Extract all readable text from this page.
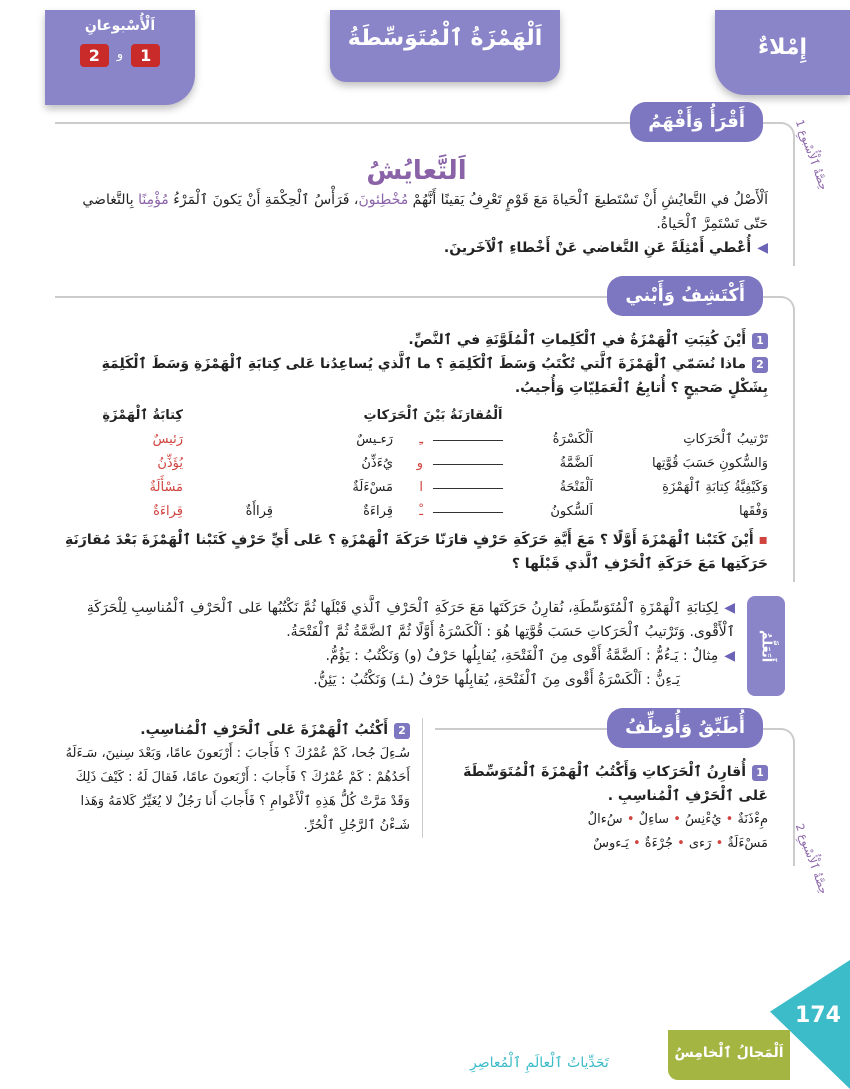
إِمْلاءٌ
اَلْهَمْزَةُ ٱلْمُتَوَسِّطَةُ
اَلْأُسْبوعانِ
1
و
2
حِصَّةُ ٱلْأُسْبوعِ 1
حِصَّةُ ٱلْأُسْبوعِ 2
أَقْرَأُ وَأَفْهَمُ
اَلتَّعايُشُ

اَلْأَصْلُ في التَّعايُشِ أَنْ تَسْتَطيعَ ٱلْحَياةَ مَعَ قَوْمٍ تَعْرِفُ يَقينًا أَنَّهُمْ مُخْطِئونَ، فَرَأْسُ ٱلْحِكْمَةِ أَنْ يَكونَ ٱلْمَرْءُ مُؤْمِنًا بِالتَّغاضي حَتّى تَسْتَمِرَّ ٱلْحَياةُ.

◀أُعْطي أَمْثِلَةً عَنِ التَّغاضي عَنْ أَخْطاءِ ٱلْآخَرينَ.
أَكْتَشِفُ وَأَبْني
1أَيْنَ كُتِبَتِ ٱلْهَمْزَةُ في ٱلْكَلِماتِ ٱلْمُلَوَّنَةِ في ٱلنَّصِّ.
2ماذا نُسَمّي ٱلْهَمْزَةَ ٱلَّتي تُكْتَبُ وَسَطَ ٱلْكَلِمَةِ ؟ ما ٱلَّذي يُساعِدُنا عَلى كِتابَةِ ٱلْهَمْزَةِ وَسَطَ ٱلْكَلِمَةِ بِشَكْلٍ صَحيحٍ ؟ أُتابِعُ ٱلْعَمَلِيّاتِ وَأُجيبُ.
اَلْمُقارَنَةُ بَيْنَ ٱلْحَرَكاتِ
كِتابَةُ ٱلْهَمْزَةِ
تَرْتيبُ ٱلْحَرَكاتِ
اَلْكَسْرَةُ
ـِ
رَءـيسٌ
رَئيسٌ
وَالسُّكونِ حَسَبَ قُوَّتِها
اَلضَّمَّةُ
و
يُءَذِّنُ
يُؤَذِّنُ
وَكَيْفِيَّةُ كِتابَةِ ٱلْهَمْزَةِ
اَلْفَتْحَةُ
ا
مَسْءَلَةٌ
مَسْأَلَةٌ
وَفْقَها
اَلسُّكونُ
ـْ
قِراءَةٌ
قِراأَةٌ
قِراءَةٌ
▪ أَيْنَ كَتَبْنا ٱلْهَمْزَةَ أَوَّلًا ؟ مَعَ أَيَّةِ حَرَكَةِ حَرْفٍ قارَنّا حَرَكَةَ ٱلْهَمْزَةِ ؟ عَلى أَيِّ حَرْفٍ كَتَبْنا ٱلْهَمْزَةَ بَعْدَ مُقارَنَةِ حَرَكَتِها مَعَ حَرَكَةِ ٱلْحَرْفِ ٱلَّذي قَبْلَها ؟
أَتَعَلَّمُ
◀لِكِتابَةِ ٱلْهَمْزَةِ ٱلْمُتَوَسِّطَةِ، نُقارِنُ حَرَكَتَها مَعَ حَرَكَةِ ٱلْحَرْفِ ٱلَّذي قَبْلَها ثُمَّ نَكْتُبُها عَلى ٱلْحَرْفِ ٱلْمُناسِبِ لِلْحَرَكَةِ ٱلْأَقْوى. وَتَرْتيبُ ٱلْحَرَكاتِ حَسَبَ قُوَّتِها هُوَ : اَلْكَسْرَةُ أَوَّلًا ثُمَّ ٱلضَّمَّةُ ثُمَّ ٱلْفَتْحَةُ.
◀مِثالٌ : يَـءُمُّ : اَلضَّمَّةُ أَقْوى مِنَ ٱلْفَتْحَةِ، يُقابِلُها حَرْفُ (و) وَنَكْتُبُ : يَؤُمُّ.
يَـءِنُّ : اَلْكَسْرَةُ أَقْوى مِنَ ٱلْفَتْحَةِ، يُقابِلُها حَرْفُ (ـئـ) وَنَكْتُبُ : يَئِنُّ.
أُطَبِّقُ وَأُوَظِّفُ
1أُقارِنُ ٱلْحَرَكاتِ وَأَكْتُبُ ٱلْهَمْزَةَ ٱلْمُتَوَسِّطَةَ عَلى ٱلْحَرْفِ ٱلْمُناسِبِ .
مِءْذَنَةٌ • يُءْنِسُ • ساءِلٌ • سُءالٌ
مَسْءَلَةٌ • رَءى • جُرْءَةٌ • يَـءوسٌ
2أَكْتُبُ ٱلْهَمْزَةَ عَلى ٱلْحَرْفِ ٱلْمُناسِبِ.
سُـءِلَ جُحا، كَمْ عُمْرُكَ ؟ فَأَجابَ : أَرْبَعونَ عامًا، وَبَعْدَ سِنينَ، سَـءَلَهُ أَحَدُهُمْ : كَمْ عُمْرُكَ ؟ فَأَجابَ : أَرْبَعونَ عامًا، فَقالَ لَهُ : كَيْفَ ذَلِكَ وَقَدْ مَرَّتْ كُلُّ هَذِهِ ٱلْأَعْوامِ ؟ فَأَجابَ أَنا رَجُلٌ لا يُغَيِّرُ كَلامَهُ وَهَذا شَـءْنُ ٱلرَّجُلِ ٱلْحُرِّ.
174
اَلْمَجالُ ٱلْخامِسُ
تَحَدِّياتُ ٱلْعالَمِ ٱلْمُعاصِرِ
